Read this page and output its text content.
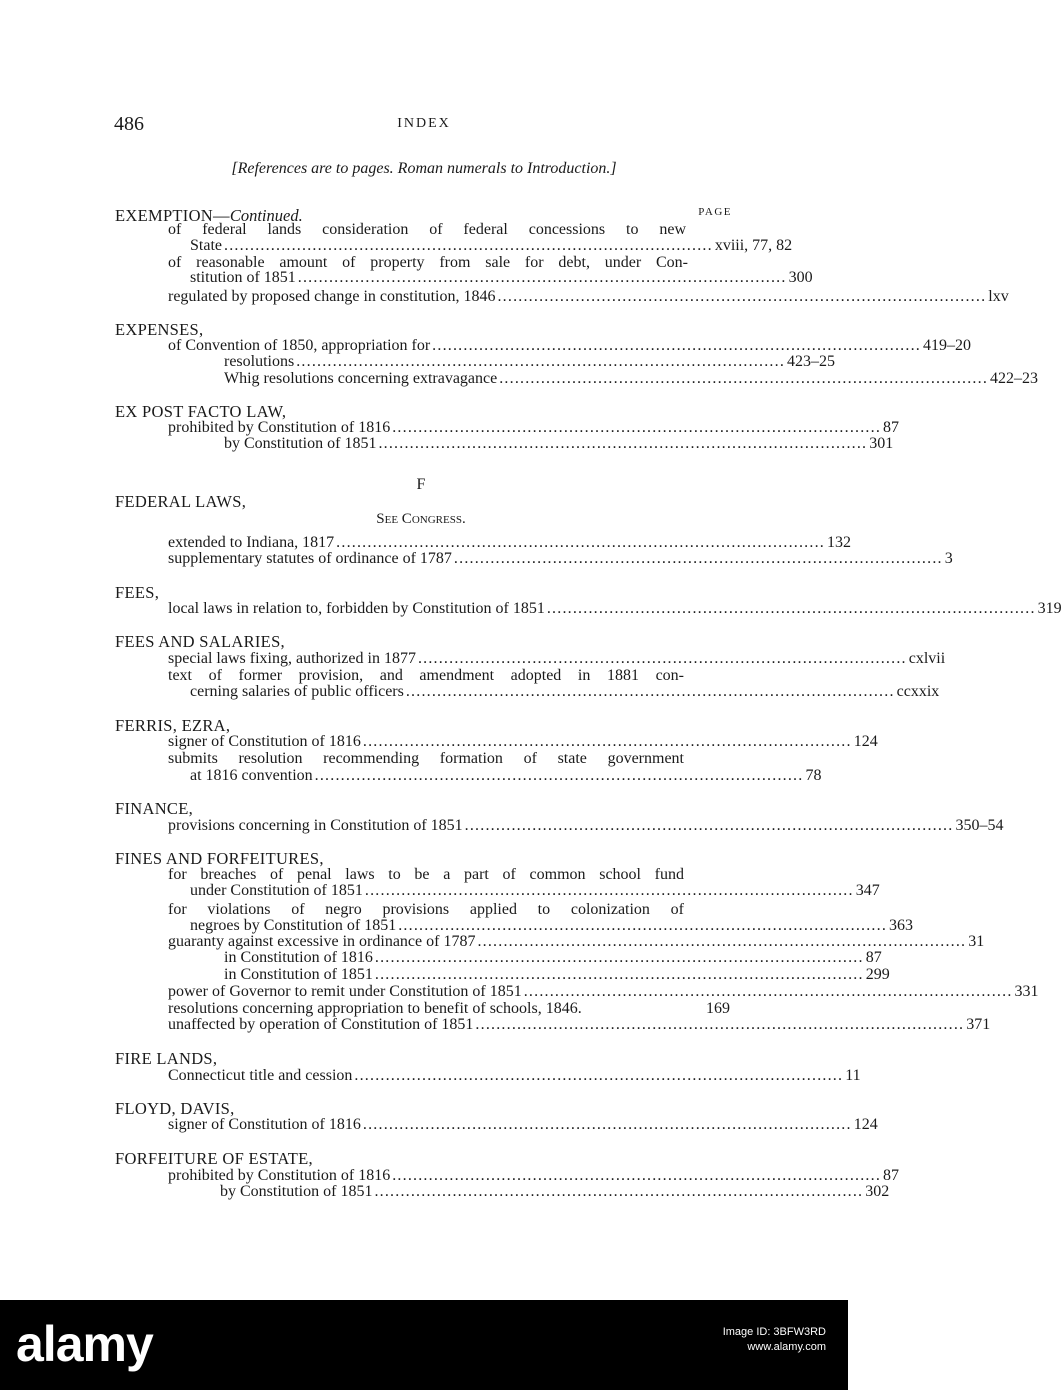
486	INDEX
[References are to pages. Roman numerals to Introduction.]
EXEMPTION—Continued.	PAGE
of federal lands consideration of federal concessions to new
State .............................................................................................. xviii, 77, 82
of reasonable amount of property from sale for debt, under Con-
stitution of 1851 .............................................................................................. 300
regulated by proposed change in constitution, 1846 .............................................................................................. lxv
EXPENSES,
of Convention of 1850, appropriation for .............................................................................................. 419–20
resolutions .............................................................................................. 423–25
Whig resolutions concerning extravagance .............................................................................................. 422–23
EX POST FACTO LAW,
prohibited by Constitution of 1816 .............................................................................................. 87
by Constitution of 1851 .............................................................................................. 301
F
FEDERAL LAWS,
See Congress.
extended to Indiana, 1817 .............................................................................................. 132
supplementary statutes of ordinance of 1787 .............................................................................................. 3
FEES,
local laws in relation to, forbidden by Constitution of 1851 .............................................................................................. 319
FEES AND SALARIES,
special laws fixing, authorized in 1877 .............................................................................................. cxlvii
text of former provision, and amendment adopted in 1881 con-
cerning salaries of public officers .............................................................................................. ccxxix
FERRIS, EZRA,
signer of Constitution of 1816 .............................................................................................. 124
submits resolution recommending formation of state government
at 1816 convention .............................................................................................. 78
FINANCE,
provisions concerning in Constitution of 1851 .............................................................................................. 350–54
FINES AND FORFEITURES,
for breaches of penal laws to be a part of common school fund
under Constitution of 1851 .............................................................................................. 347
for violations of negro provisions applied to colonization of
negroes by Constitution of 1851 .............................................................................................. 363
guaranty against excessive in ordinance of 1787 .............................................................................................. 31
in Constitution of 1816 .............................................................................................. 87
in Constitution of 1851 .............................................................................................. 299
power of Governor to remit under Constitution of 1851 .............................................................................................. 331
resolutions concerning appropriation to benefit of schools, 1846.	169
unaffected by operation of Constitution of 1851 .............................................................................................. 371
FIRE LANDS,
Connecticut title and cession .............................................................................................. 11
FLOYD, DAVIS,
signer of Constitution of 1816 .............................................................................................. 124
FORFEITURE OF ESTATE,
prohibited by Constitution of 1816 .............................................................................................. 87
by Constitution of 1851 .............................................................................................. 302
alamy	Image ID: 3BFW3RD
www.alamy.com
